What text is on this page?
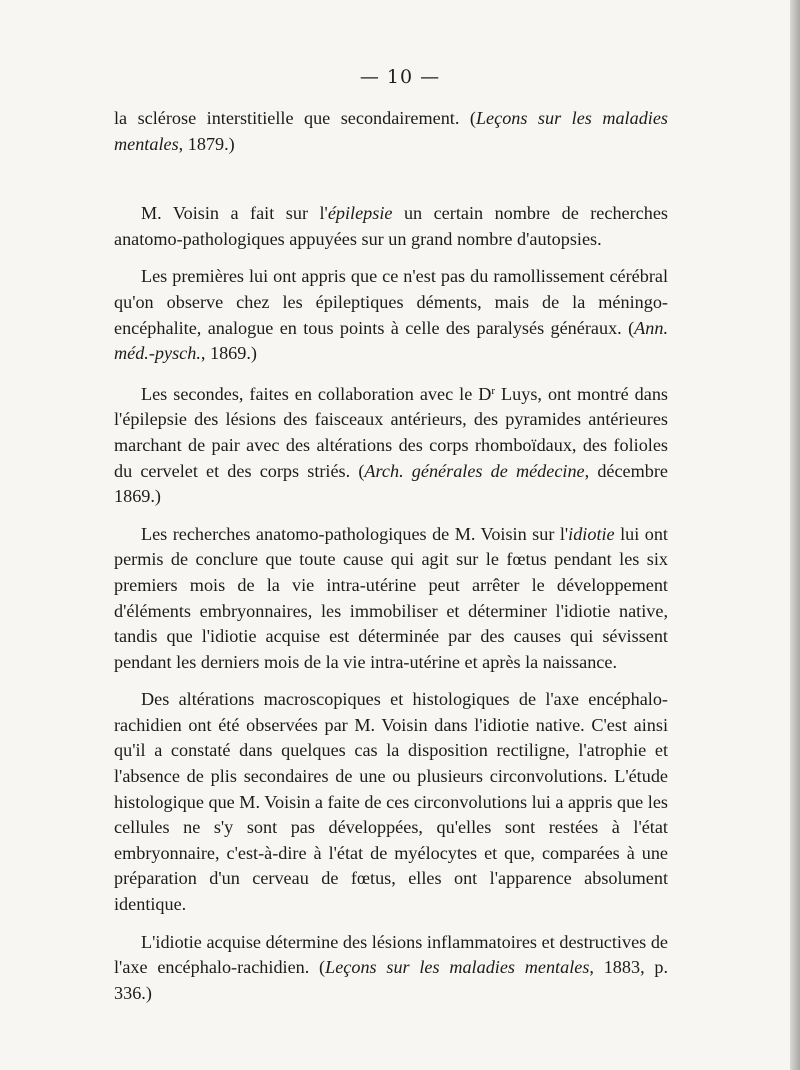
— 10 —

la sclérose interstitielle que secondairement. (Leçons sur les maladies mentales, 1879.)

M. Voisin a fait sur l'épilepsie un certain nombre de recherches anatomo-pathologiques appuyées sur un grand nombre d'autopsies.

Les premières lui ont appris que ce n'est pas du ramollissement cérébral qu'on observe chez les épileptiques déments, mais de la méningo-encéphalite, analogue en tous points à celle des paralysés généraux. (Ann. méd.-pysch., 1869.)

Les secondes, faites en collaboration avec le $D^r$ Luys, ont montré dans l'épilepsie des lésions des faisceaux antérieurs, des pyramides antérieures marchant de pair avec des altérations des corps rhomboïdaux, des folioles du cervelet et des corps striés. (Arch. générales de médecine, décembre 1869.)

Les recherches anatomo-pathologiques de M. Voisin sur l'idiotie lui ont permis de conclure que toute cause qui agit sur le fœtus pendant les six premiers mois de la vie intra-utérine peut arrêter le développement d'éléments embryonnaires, les immobiliser et déterminer l'idiotie native, tandis que l'idiotie acquise est déterminée par des causes qui sévissent pendant les derniers mois de la vie intra-utérine et après la naissance.

Des altérations macroscopiques et histologiques de l'axe encéphalo-rachidien ont été observées par M. Voisin dans l'idiotie native. C'est ainsi qu'il a constaté dans quelques cas la disposition rectiligne, l'atrophie et l'absence de plis secondaires de une ou plusieurs circonvolutions. L'étude histologique que M. Voisin a faite de ces circonvolutions lui a appris que les cellules ne s'y sont pas développées, qu'elles sont restées à l'état embryonnaire, c'est-à-dire à l'état de myélocytes et que, comparées à une préparation d'un cerveau de fœtus, elles ont l'apparence absolument identique.

L'idiotie acquise détermine des lésions inflammatoires et destructives de l'axe encéphalo-rachidien. (Leçons sur les maladies mentales, 1883, p. 336.)
